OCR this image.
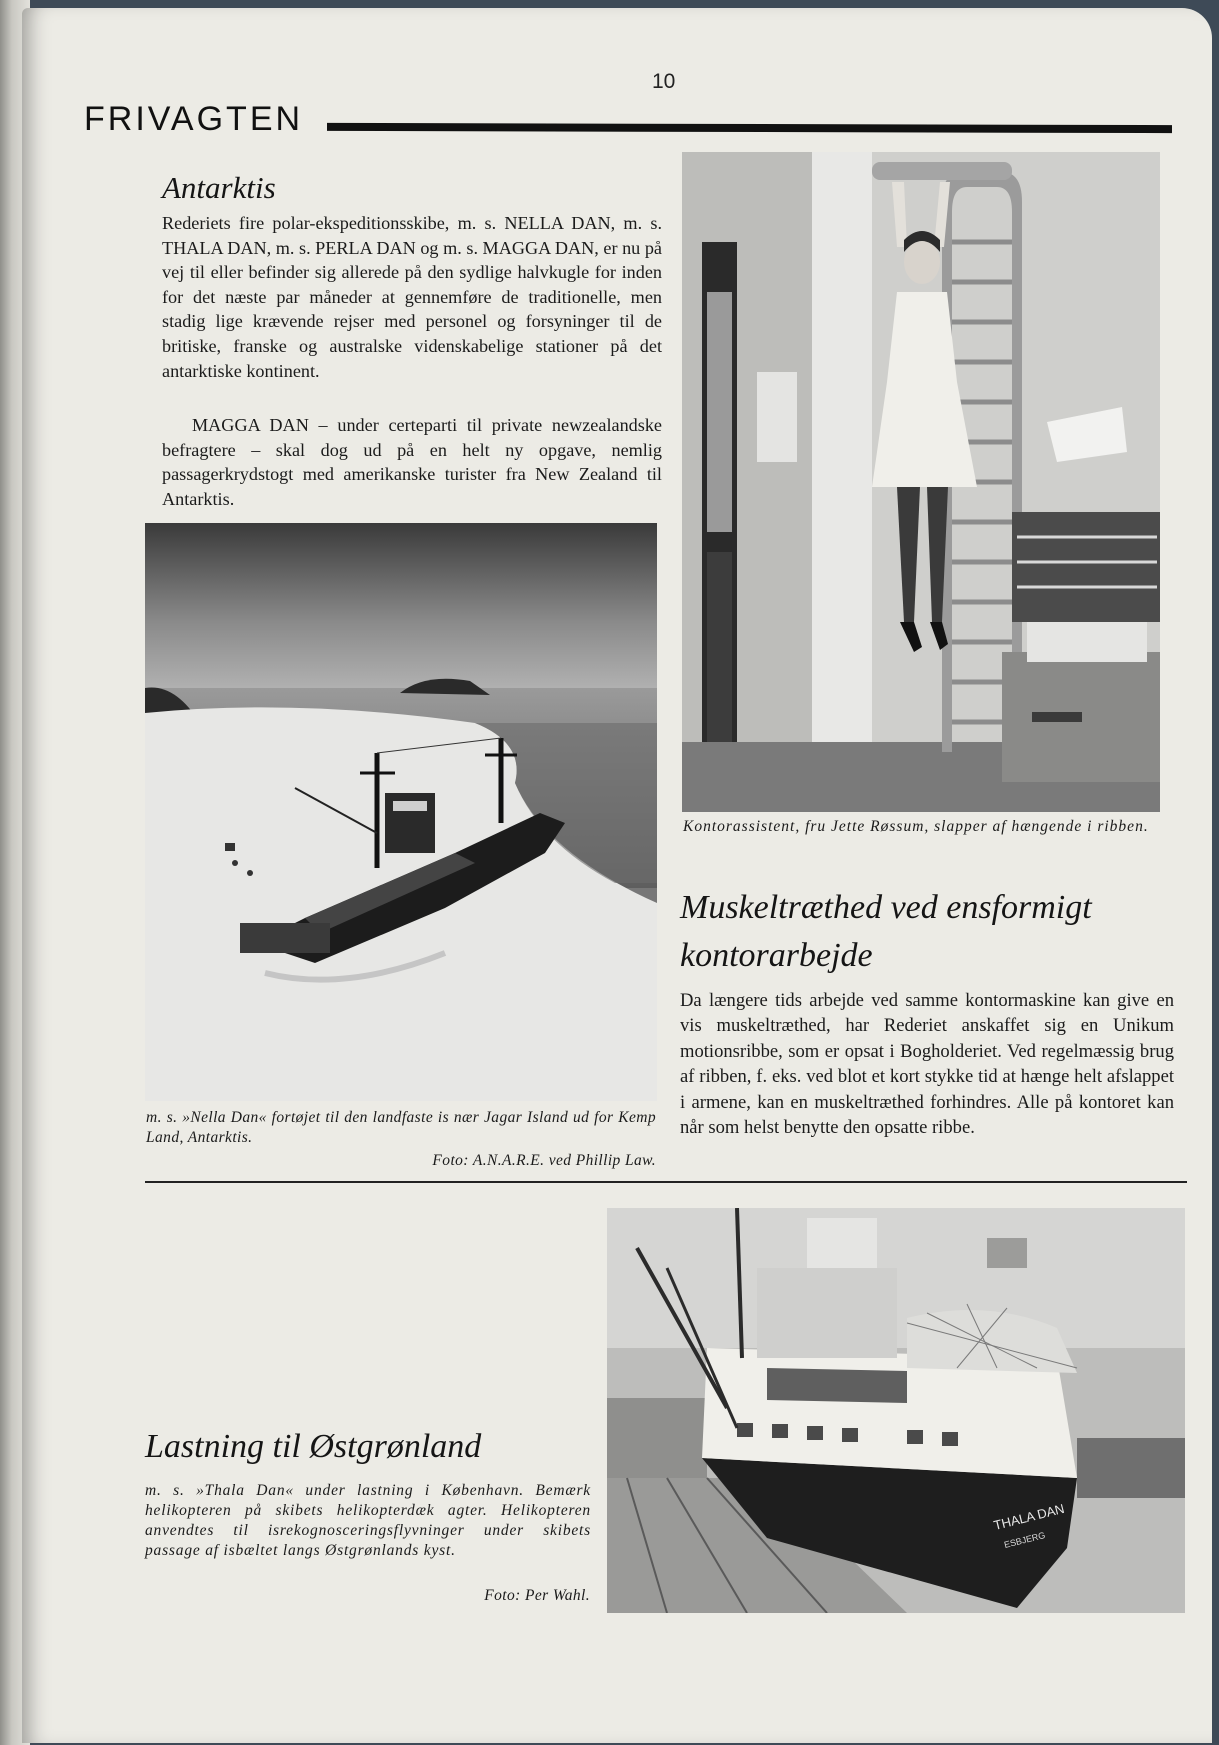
10
FRIVAGTEN
Antarktis

Rederiets fire polar-ekspeditionsskibe, m. s. NELLA DAN, m. s. THALA DAN, m. s. PERLA DAN og m. s. MAGGA DAN, er nu på vej til eller befinder sig allerede på den sydlige halvkugle for inden for det næste par måneder at gennemføre de traditionelle, men stadig lige krævende rejser med personel og forsyninger til de britiske, franske og australske videnskabelige stationer på det antarktiske kontinent.

MAGGA DAN – under certeparti til private newzealandske befragtere – skal dog ud på en helt ny opgave, nemlig passagerkrydstogt med amerikanske turister fra New Zealand til Antarktis.

m. s. »Nella Dan« fortøjet til den landfaste is nær Jagar Island ud for Kemp Land, Antarktis.

Foto: A.N.A.R.E. ved Phillip Law.

Kontorassistent, fru Jette Røssum, slapper af hængende i ribben.

Muskeltræthed ved ensformigt kontorarbejde

Da længere tids arbejde ved samme kontormaskine kan give en vis muskeltræthed, har Rederiet anskaffet sig en Unikum motionsribbe, som er opsat i Bogholderiet. Ved regelmæssig brug af ribben, f. eks. ved blot et kort stykke tid at hænge helt afslappet i armene, kan en muskeltræthed forhindres. Alle på kontoret kan når som helst benytte den opsatte ribbe.

Lastning til Østgrønland

m. s. »Thala Dan« under lastning i København. Bemærk helikopteren på skibets helikopterdæk agter. Helikopteren anvendtes til isrekognosceringsflyvninger under skibets passage af isbæltet langs Østgrønlands kyst.

Foto: Per Wahl.

THALA DAN
ESBJERG
